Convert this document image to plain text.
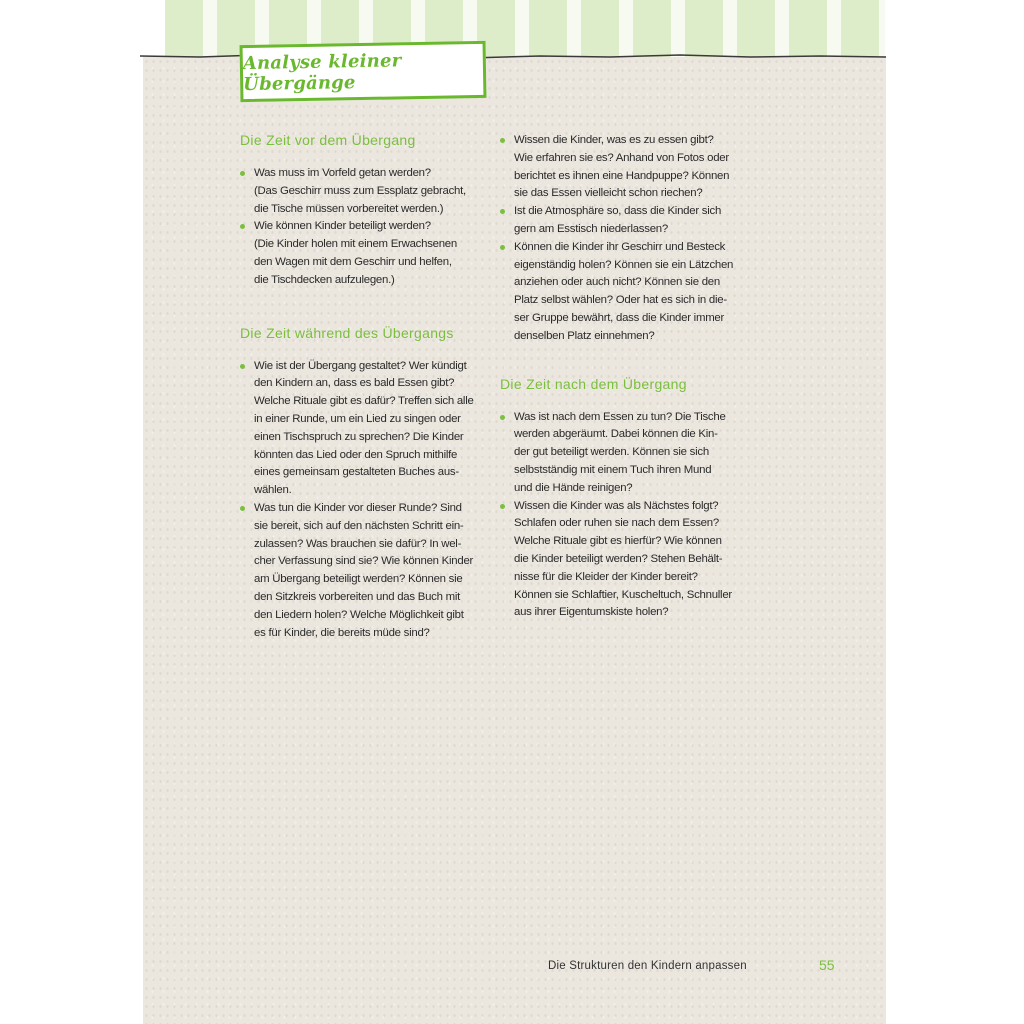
Analyse kleiner Übergänge
Die Zeit vor dem Übergang
Was muss im Vorfeld getan werden?
(Das Geschirr muss zum Essplatz gebracht,
die Tische müssen vorbereitet werden.)
Wie können Kinder beteiligt werden?
(Die Kinder holen mit einem Erwachsenen
den Wagen mit dem Geschirr und helfen,
die Tischdecken aufzulegen.)
Die Zeit während des Übergangs
Wie ist der Übergang gestaltet? Wer kündigt
den Kindern an, dass es bald Essen gibt?
Welche Rituale gibt es dafür? Treffen sich alle
in einer Runde, um ein Lied zu singen oder
einen Tischspruch zu sprechen? Die Kinder
könnten das Lied oder den Spruch mithilfe
eines gemeinsam gestalteten Buches aus-
wählen.
Was tun die Kinder vor dieser Runde? Sind
sie bereit, sich auf den nächsten Schritt ein-
zulassen? Was brauchen sie dafür? In wel-
cher Verfassung sind sie? Wie können Kinder
am Übergang beteiligt werden? Können sie
den Sitzkreis vorbereiten und das Buch mit
den Liedern holen? Welche Möglichkeit gibt
es für Kinder, die bereits müde sind?
Wissen die Kinder, was es zu essen gibt?
Wie erfahren sie es? Anhand von Fotos oder
berichtet es ihnen eine Handpuppe? Können
sie das Essen vielleicht schon riechen?
Ist die Atmosphäre so, dass die Kinder sich
gern am Esstisch niederlassen?
Können die Kinder ihr Geschirr und Besteck
eigenständig holen? Können sie ein Lätzchen
anziehen oder auch nicht? Können sie den
Platz selbst wählen? Oder hat es sich in die-
ser Gruppe bewährt, dass die Kinder immer
denselben Platz einnehmen?
Die Zeit nach dem Übergang
Was ist nach dem Essen zu tun? Die Tische
werden abgeräumt. Dabei können die Kin-
der gut beteiligt werden. Können sie sich
selbstständig mit einem Tuch ihren Mund
und die Hände reinigen?
Wissen die Kinder was als Nächstes folgt?
Schlafen oder ruhen sie nach dem Essen?
Welche Rituale gibt es hierfür? Wie können
die Kinder beteiligt werden? Stehen Behält-
nisse für die Kleider der Kinder bereit?
Können sie Schlaftier, Kuscheltuch, Schnuller
aus ihrer Eigentumskiste holen?
Die Strukturen den Kindern anpassen	55
